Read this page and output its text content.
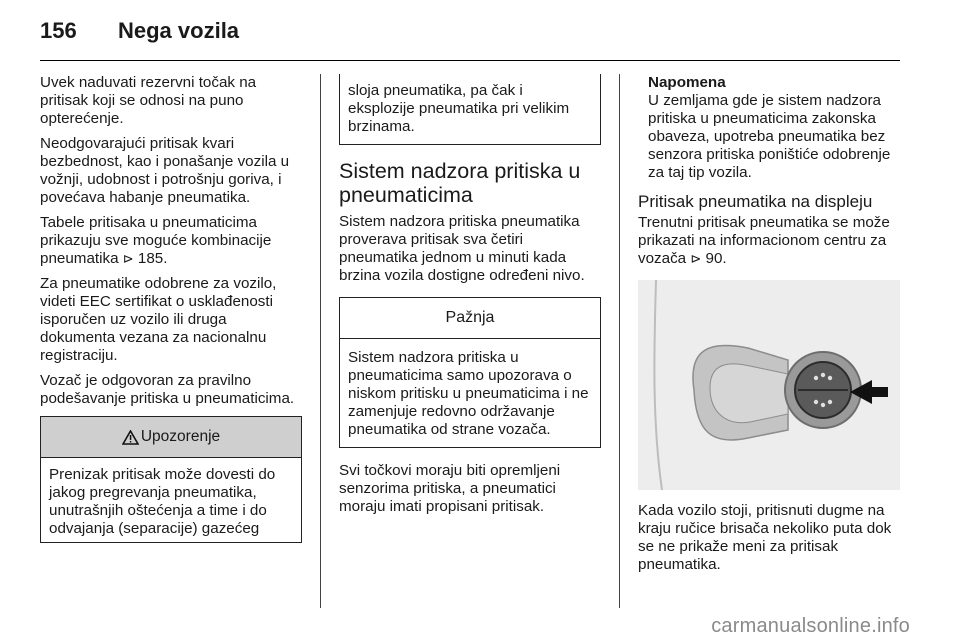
156	Nega vozila

Uvek naduvati rezervni točak na pritisak koji se odnosi na puno opterećenje.

Neodgovarajući pritisak kvari bezbednost, kao i ponašanje vozila u vožnji, udobnost i potrošnju goriva, i povećava habanje pneumatika.

Tabele pritisaka u pneumaticima prikazuju sve moguće kombinacije pneumatika ⊳ 185.

Za pneumatike odobrene za vozilo, videti EEC sertifikat o usklađenosti isporučen uz vozilo ili druga dokumenta vezana za nacionalnu registraciju.

Vozač je odgovoran za pravilno podešavanje pritiska u pneumaticima.

Upozorenje
Prenizak pritisak može dovesti do jakog pregrevanja pneumatika, unutrašnjih oštećenja a time i do odvajanja (separacije) gazećeg
sloja pneumatika, pa čak i eksplozije pneumatika pri velikim brzinama.
Sistem nadzora pritiska u pneumaticima

Sistem nadzora pritiska pneumatika proverava pritisak sva četiri pneumatika jednom u minuti kada brzina vozila dostigne određeni nivo.

Pažnja
Sistem nadzora pritiska u pneumaticima samo upozorava o niskom pritisku u pneumaticima i ne zamenjuje redovno održavanje pneumatika od strane vozača.

Svi točkovi moraju biti opremljeni senzorima pritiska, a pneumatici moraju imati propisani pritisak.

Napomena
U zemljama gde je sistem nadzora pritiska u pneumaticima zakonska obaveza, upotreba pneumatika bez senzora pritiska poništiće odobrenje za taj tip vozila.
Pritisak pneumatika na displeju

Trenutni pritisak pneumatika se može prikazati na informacionom centru za vozača ⊳ 90.

Kada vozilo stoji, pritisnuti dugme na kraju ručice brisača nekoliko puta dok se ne prikaže meni za pritisak pneumatika.

carmanualsonline.info
